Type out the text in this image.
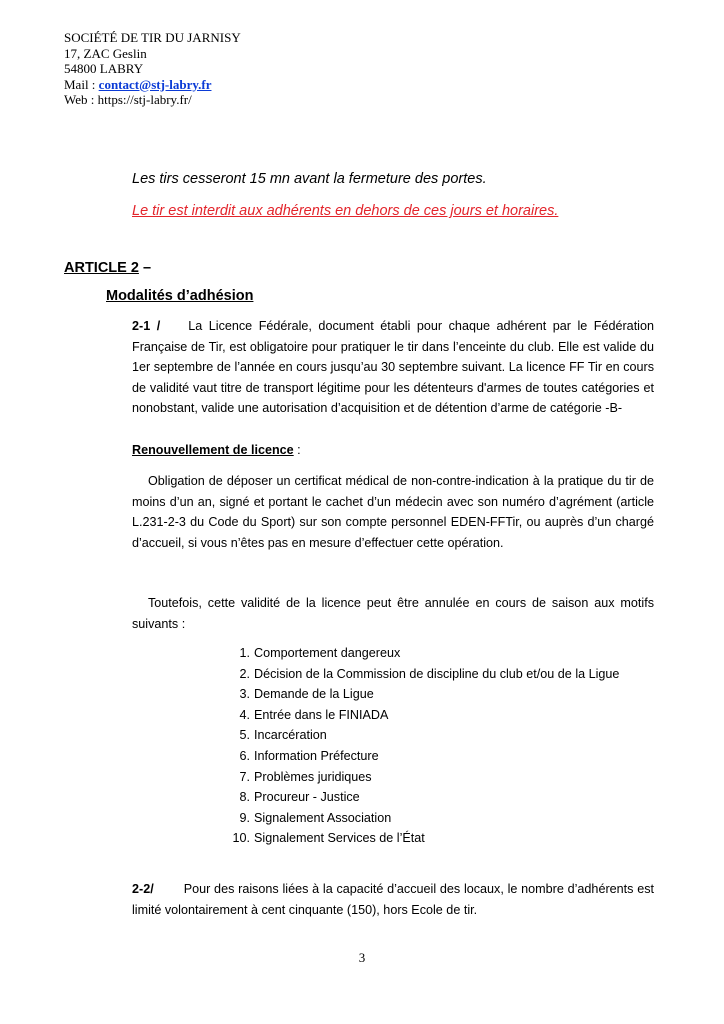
SOCIÉTÉ DE TIR DU JARNISY
17, ZAC Geslin
54800 LABRY
Mail : contact@stj-labry.fr
Web : https://stj-labry.fr/
Les tirs cesseront 15 mn avant la fermeture des portes.
Le tir est interdit aux adhérents en dehors de ces jours et horaires.
ARTICLE 2 –
Modalités d’adhésion
2-1 / La Licence Fédérale, document établi pour chaque adhérent par le Fédération Française de Tir, est obligatoire pour pratiquer le tir dans l’enceinte du club. Elle est valide du 1er septembre de l’année en cours jusqu’au 30 septembre suivant. La licence FF Tir en cours de validité vaut titre de transport légitime pour les détenteurs d'armes de toutes catégories et nonobstant, valide une autorisation d’acquisition et de détention d’arme de catégorie -B-
Renouvellement de licence :
Obligation de déposer un certificat médical de non-contre-indication à la pratique du tir de moins d’un an, signé et portant le cachet d’un médecin avec son numéro d’agrément (article L.231-2-3 du Code du Sport) sur son compte personnel EDEN-FFTir, ou auprès d’un chargé d’accueil, si vous n’êtes pas en mesure d’effectuer cette opération.
Toutefois, cette validité de la licence peut être annulée en cours de saison aux motifs suivants :
1. Comportement dangereux
2. Décision de la Commission de discipline du club et/ou de la Ligue
3. Demande de la Ligue
4. Entrée dans le FINIADA
5. Incarcération
6. Information Préfecture
7. Problèmes juridiques
8. Procureur - Justice
9. Signalement Association
10. Signalement Services de l’État
2-2/ Pour des raisons liées à la capacité d’accueil des locaux, le nombre d’adhérents est limité volontairement à cent cinquante (150), hors Ecole de tir.
3
